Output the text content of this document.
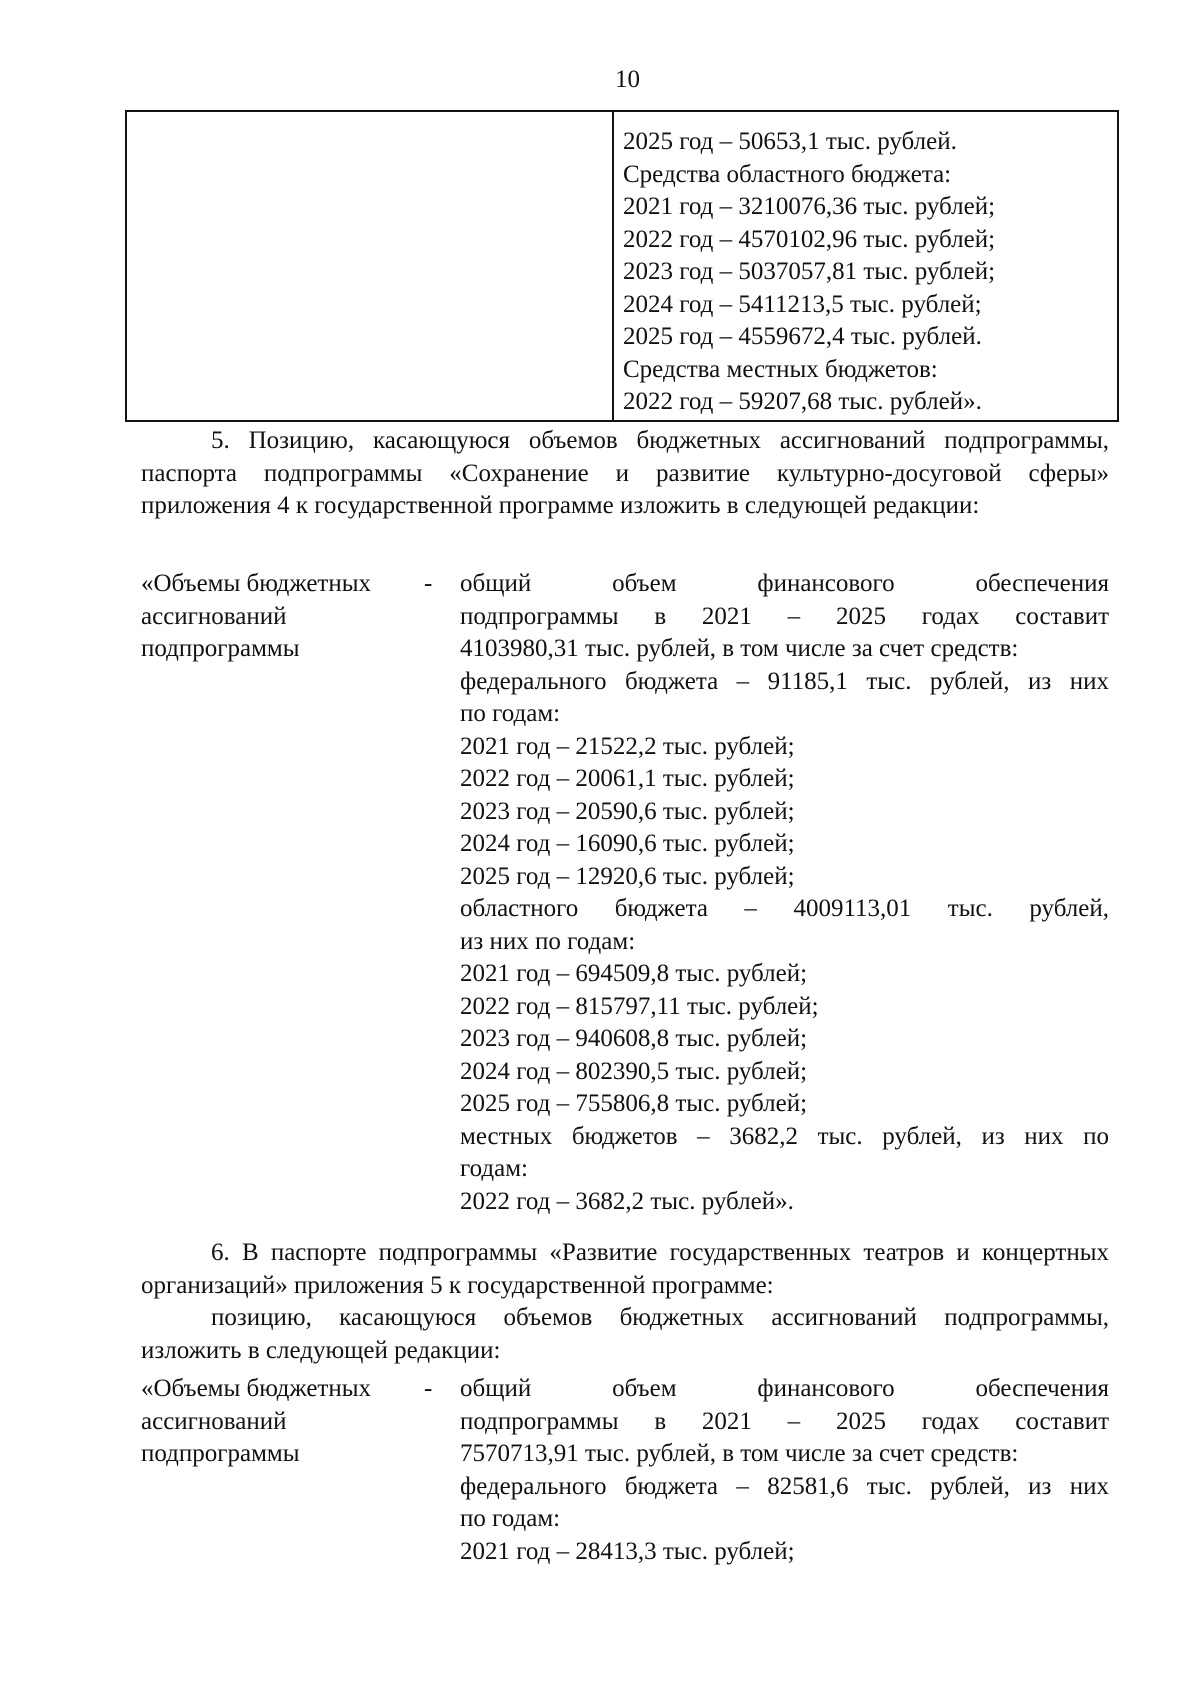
10
2025 год – 50653,1 тыс. рублей.
Средства областного бюджета:
2021 год – 3210076,36 тыс. рублей;
2022 год – 4570102,96 тыс. рублей;
2023 год – 5037057,81 тыс. рублей;
2024 год – 5411213,5 тыс. рублей;
2025 год – 4559672,4 тыс. рублей.
Средства местных бюджетов:
2022 год – 59207,68 тыс. рублей».
5. Позицию, касающуюся объемов бюджетных ассигнований подпрограммы, паспорта подпрограммы «Сохранение и развитие культурно-досуговой сферы» приложения 4 к государственной программе изложить в следующей редакции:
«Объемы бюджетных
ассигнований
подпрограммы
-	общий объем финансового обеспечения
подпрограммы в 2021 – 2025 годах составит
4103980,31 тыс. рублей, в том числе за счет средств:
федерального бюджета – 91185,1 тыс. рублей, из них
по годам:
2021 год – 21522,2 тыс. рублей;
2022 год – 20061,1 тыс. рублей;
2023 год – 20590,6 тыс. рублей;
2024 год – 16090,6 тыс. рублей;
2025 год – 12920,6 тыс. рублей;
областного бюджета – 4009113,01 тыс. рублей,
из них по годам:
2021 год – 694509,8 тыс. рублей;
2022 год – 815797,11 тыс. рублей;
2023 год – 940608,8 тыс. рублей;
2024 год – 802390,5 тыс. рублей;
2025 год – 755806,8 тыс. рублей;
местных бюджетов – 3682,2 тыс. рублей, из них по
годам:
2022 год – 3682,2 тыс. рублей».
6. В паспорте подпрограммы «Развитие государственных театров и концертных организаций» приложения 5 к государственной программе:
позицию, касающуюся объемов бюджетных ассигнований подпрограммы, изложить в следующей редакции:
«Объемы бюджетных
ассигнований
подпрограммы
-	общий объем финансового обеспечения
подпрограммы в 2021 – 2025 годах составит
7570713,91 тыс. рублей, в том числе за счет средств:
федерального бюджета – 82581,6 тыс. рублей, из них
по годам:
2021 год – 28413,3 тыс. рублей;
